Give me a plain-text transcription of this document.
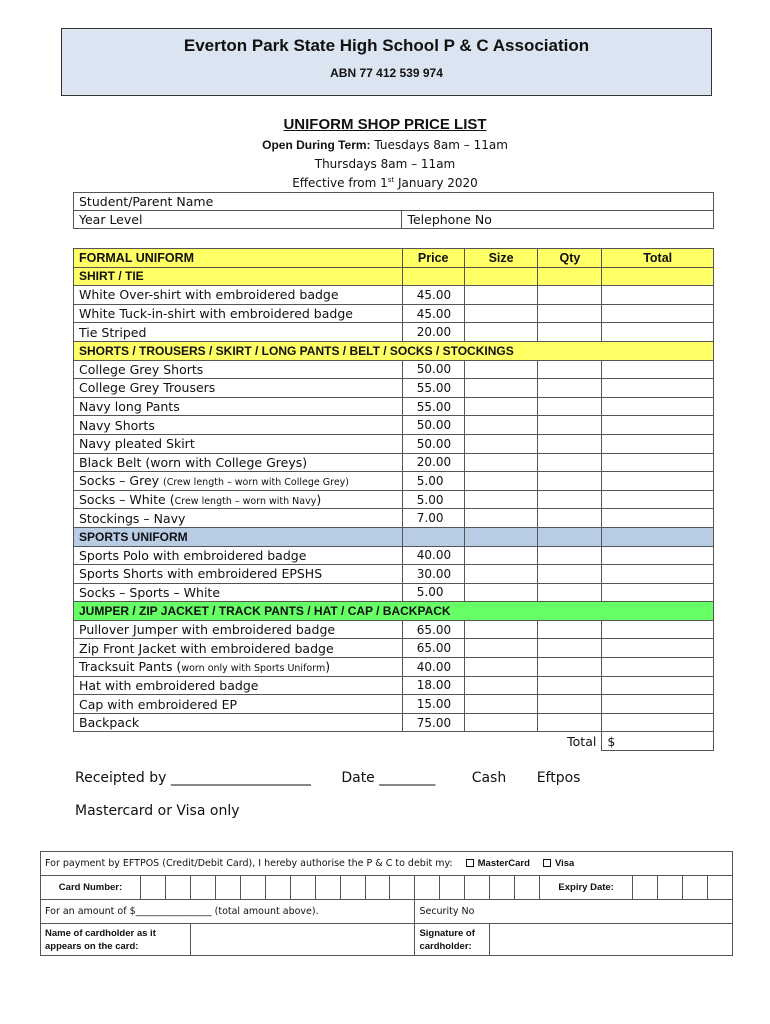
Everton Park State High School P & C Association
ABN 77 412 539 974
UNIFORM SHOP PRICE LIST
Open During Term: Tuesdays 8am – 11am
Thursdays 8am – 11am
Effective from 1st January 2020
Student/Parent Name
Year Level	Telephone No
FORMAL UNIFORM	Price	Size	Qty	Total
SHIRT / TIE				
White Over-shirt with embroidered badge	45.00			
White Tuck-in-shirt with embroidered badge	45.00			
Tie Striped	20.00			
SHORTS / TROUSERS / SKIRT / LONG PANTS / BELT / SOCKS / STOCKINGS				
College Grey Shorts	50.00			
College Grey Trousers	55.00			
Navy long Pants	55.00			
Navy Shorts	50.00			
Navy pleated Skirt	50.00			
Black Belt (worn with College Greys)	20.00			
Socks – Grey (Crew length – worn with College Grey)	5.00			
Socks – White (Crew length – worn with Navy)	5.00			
Stockings – Navy	7.00			
SPORTS UNIFORM				
Sports Polo with embroidered badge	40.00			
Sports Shorts with embroidered EPSHS	30.00			
Socks – Sports – White	5.00			
JUMPER / ZIP JACKET / TRACK PANTS / HAT / CAP / BACKPACK				
Pullover Jumper with embroidered badge	65.00			
Zip Front Jacket with embroidered badge	65.00			
Tracksuit Pants (worn only with Sports Uniform)	40.00			
Hat with embroidered badge	18.00			
Cap with embroidered EP	15.00			
Backpack	75.00			
			Total	$
Receipted by ____________________ Date ________	Cash Eftpos
Mastercard or Visa only
For payment by EFTPOS (Credit/Debit Card), I hereby authorise the P & C to debit my: MasterCard Visa																					
Card Number:																	Expiry Date:				
For an amount of $________________ (total amount above).												Security No									
Name of cardholder as it appears on the card:												Signature of cardholder:									
